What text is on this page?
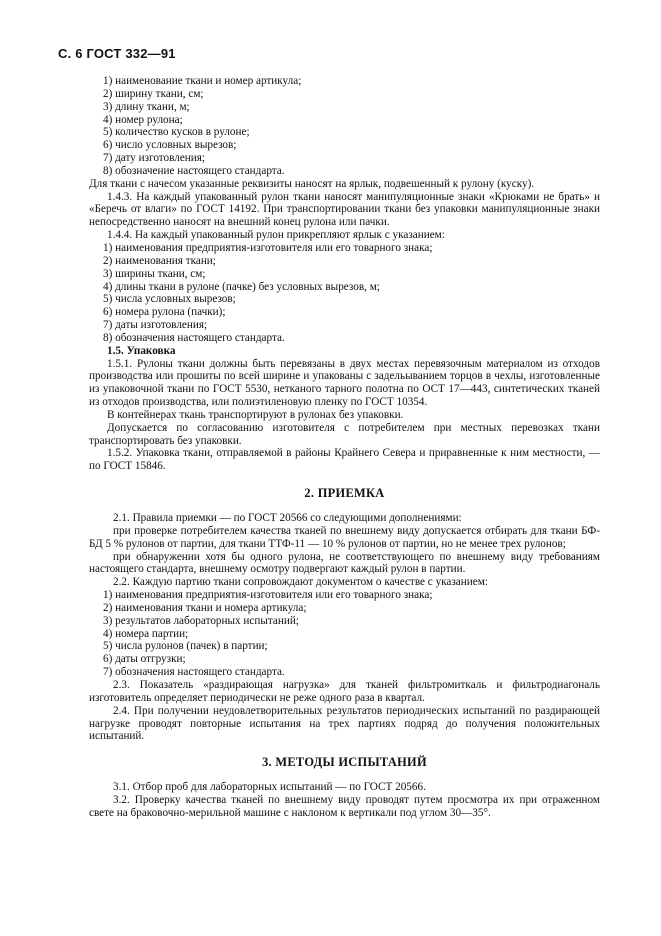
С. 6 ГОСТ 332—91

1) наименование ткани и номер артикула;

2) ширину ткани, см;

3) длину ткани, м;

4) номер рулона;

5) количество кусков в рулоне;

6) число условных вырезов;

7) дату изготовления;

8) обозначение настоящего стандарта.

Для ткани с начесом указанные реквизиты наносят на ярлык, подвешенный к рулону (куску).

1.4.3. На каждый упакованный рулон ткани наносят манипуляционные знаки «Крюками не брать» и «Беречь от влаги» по ГОСТ 14192. При транспортировании ткани без упаковки манипуляционные знаки непосредственно наносят на внешний конец рулона или пачки.

1.4.4. На каждый упакованный рулон прикрепляют ярлык с указанием:

1) наименования предприятия-изготовителя или его товарного знака;

2) наименования ткани;

3) ширины ткани, см;

4) длины ткани в рулоне (пачке) без условных вырезов, м;

5) числа условных вырезов;

6) номера рулона (пачки);

7) даты изготовления;

8) обозначения настоящего стандарта.

1.5. Упаковка

1.5.1. Рулоны ткани должны быть перевязаны в двух местах перевязочным материалом из отходов производства или прошиты по всей ширине и упакованы с задельыванием торцов в чехлы, изготовленные из упаковочной ткани по ГОСТ 5530, нетканого тарного полотна по ОСТ 17—443, синтетических тканей из отходов производства, или полиэтиленовую пленку по ГОСТ 10354.

В контейнерах ткань транспортируют в рулонах без упаковки.

Допускается по согласованию изготовителя с потребителем при местных перевозках ткани транспортировать без упаковки.

1.5.2. Упаковка ткани, отправляемой в районы Крайнего Севера и приравненные к ним местности, — по ГОСТ 15846.

2. ПРИЕМКА

2.1. Правила приемки — по ГОСТ 20566 со следующими дополнениями:

при проверке потребителем качества тканей по внешнему виду допускается отбирать для ткани БФ-БД 5 % рулонов от партии, для ткани ТТФ-11 — 10 % рулонов от партии, но не менее трех рулонов;

при обнаружении хотя бы одного рулона, не соответствующего по внешнему виду требованиям настоящего стандарта, внешнему осмотру подвергают каждый рулон в партии.

2.2. Каждую партию ткани сопровождают документом о качестве с указанием:

1) наименования предприятия-изготовителя или его товарного знака;

2) наименования ткани и номера артикула;

3) результатов лабораторных испытаний;

4) номера партии;

5) числа рулонов (пачек) в партии;

6) даты отгрузки;

7) обозначения настоящего стандарта.

2.3. Показатель «раздирающая нагрузка» для тканей фильтромиткаль и фильтродиагональ изготовитель определяет периодически не реже одного раза в квартал.

2.4. При получении неудовлетворительных результатов периодических испытаний по раздирающей нагрузке проводят повторные испытания на трех партиях подряд до получения положительных испытаний.

3. МЕТОДЫ ИСПЫТАНИЙ

3.1. Отбор проб для лабораторных испытаний — по ГОСТ 20566.

3.2. Проверку качества тканей по внешнему виду проводят путем просмотра их при отраженном свете на браковочно-мерильной машине с наклоном к вертикали под углом 30—35°.
